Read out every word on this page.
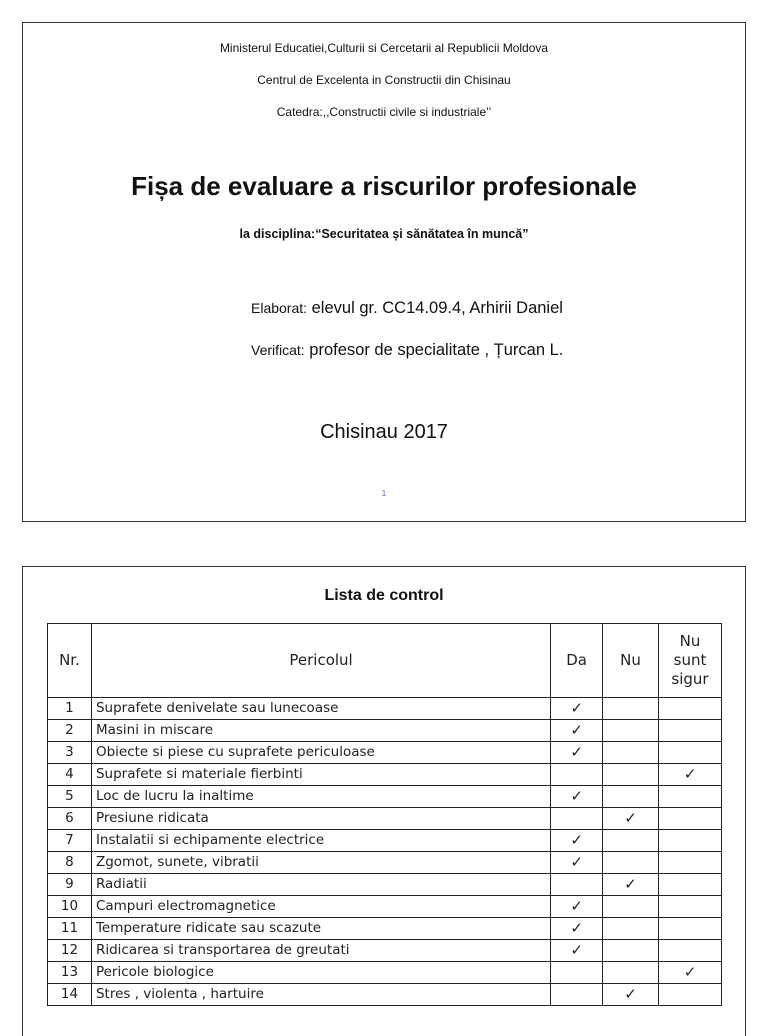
Ministerul Educatiei,Culturii si Cercetarii al Republicii Moldova
Centrul de Excelenta in Constructii din Chisinau
Catedra:,,Constructii civile si industriale’’
Fișa de evaluare a riscurilor profesionale
la disciplina:“Securitatea și sănătatea în muncă”
Elaborat: elevul gr. CC14.09.4, Arhirii Daniel
Verificat: profesor de specialitate , Țurcan L.
Chisinau 2017
1
Lista de control
Nr.	Pericolul	Da	Nu	Nu sunt sigur
1	Suprafete denivelate sau lunecoase	✓		
2	Masini in miscare	✓		
3	Obiecte si piese cu suprafete periculoase	✓		
4	Suprafete si materiale fierbinti			✓
5	Loc de lucru la inaltime	✓		
6	Presiune ridicata		✓	
7	Instalatii si echipamente electrice	✓		
8	Zgomot, sunete, vibratii	✓		
9	Radiatii		✓	
10	Campuri electromagnetice	✓		
11	Temperature ridicate sau scazute	✓		
12	Ridicarea si transportarea de greutati	✓		
13	Pericole biologice			✓
14	Stres , violenta , hartuire		✓	
